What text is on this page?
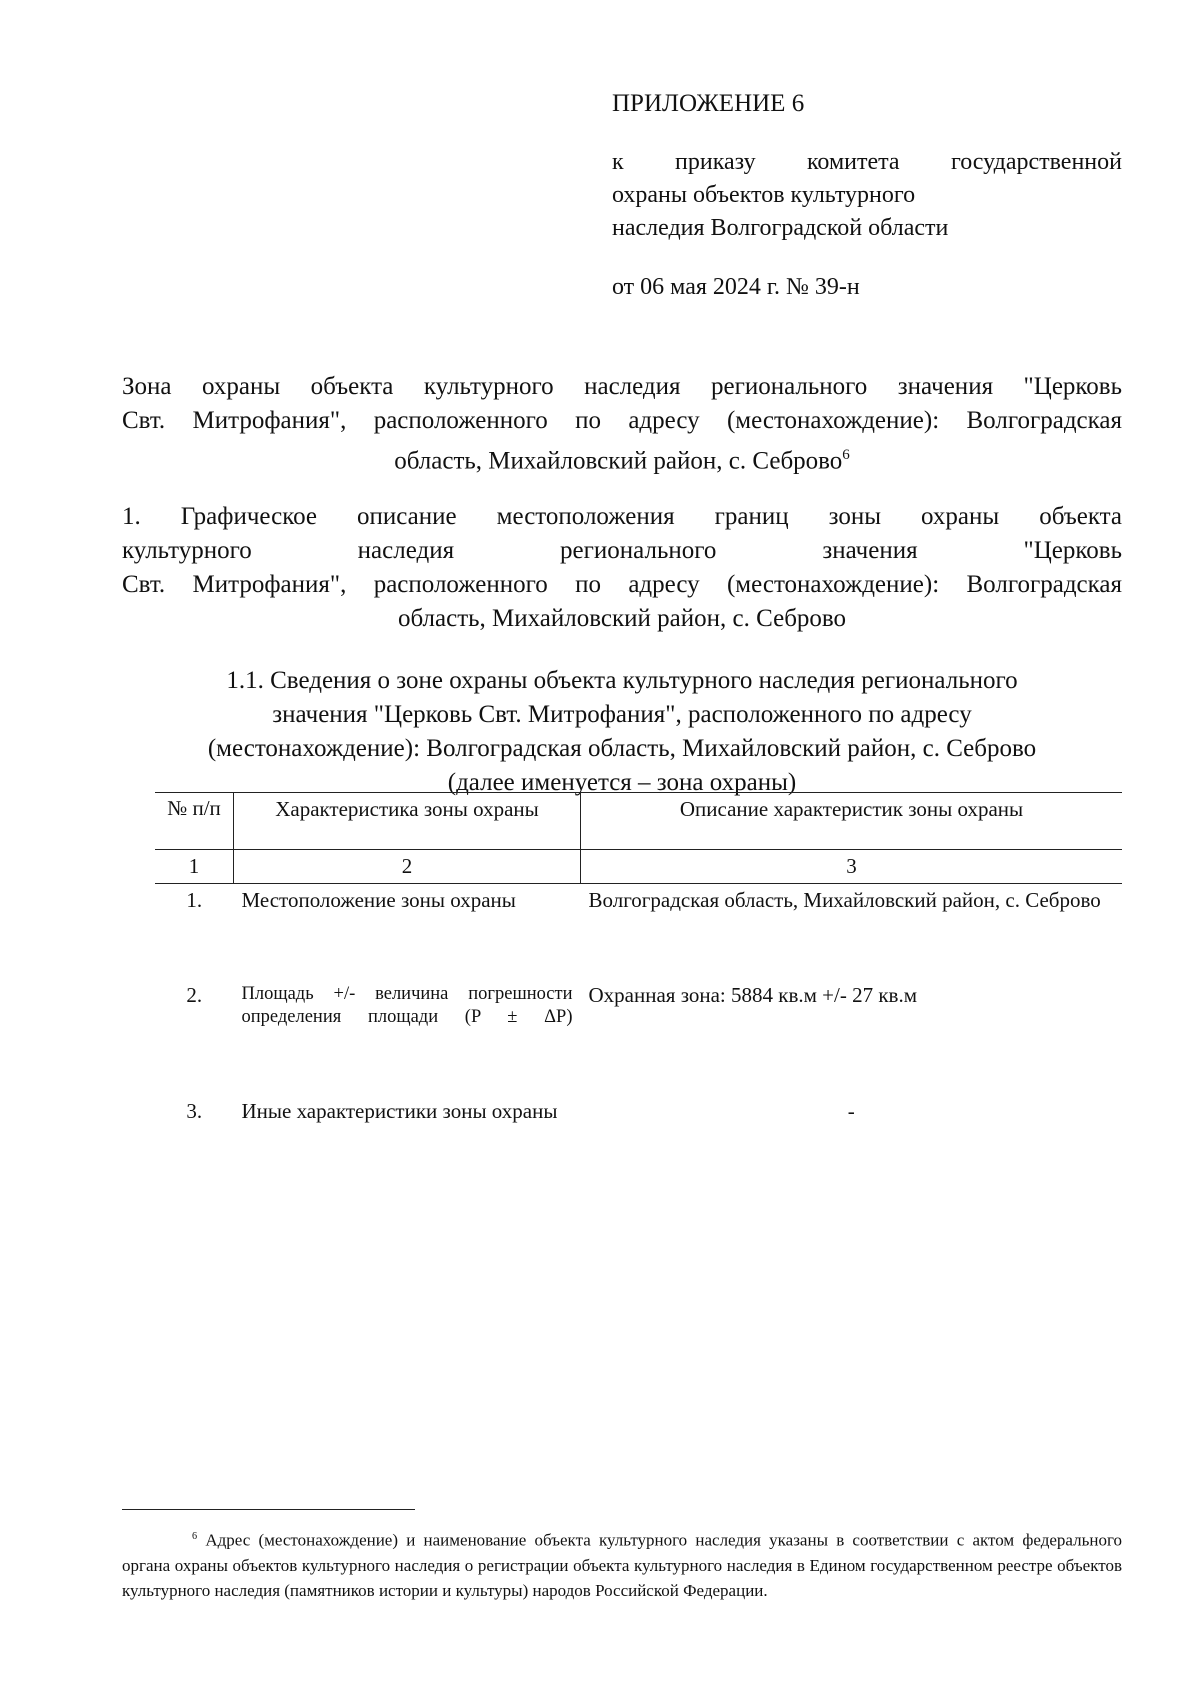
ПРИЛОЖЕНИЕ 6
к приказу комитета государственной
охраны объектов культурного
наследия Волгоградской области
от 06 мая 2024 г. № 39-н
Зона охраны объекта культурного наследия регионального значения "Церковь
Свт. Митрофания", расположенного по адресу (местонахождение): Волгоградская
область, Михайловский район, с. Себрово$^6$
1. Графическое описание местоположения границ зоны охраны объекта
культурного наследия регионального значения "Церковь
Свт. Митрофания", расположенного по адресу (местонахождение): Волгоградская
область, Михайловский район, с. Себрово
1.1. Сведения о зоне охраны объекта культурного наследия регионального
значения "Церковь Свт. Митрофания", расположенного по адресу
(местонахождение): Волгоградская область, Михайловский район, с. Себрово
(далее именуется – зона охраны)
№ п/п	Характеристика зоны охраны	Описание характеристик зоны охраны
1	2	3
1.	Местоположение зоны охраны	Волгоградская область, Михайловский район, с. Себрово

2.	Площадь +/- величина погрешности определения площади (P ± ΔP)	Охранная зона: 5884 кв.м +/- 27 кв.м

3.	Иные характеристики зоны охраны	-
$^6$ Адрес (местонахождение) и наименование объекта культурного наследия указаны в соответствии с актом федерального органа охраны объектов культурного наследия о регистрации объекта культурного наследия в Едином государственном реестре объектов культурного наследия (памятников истории и культуры) народов Российской Федерации.
